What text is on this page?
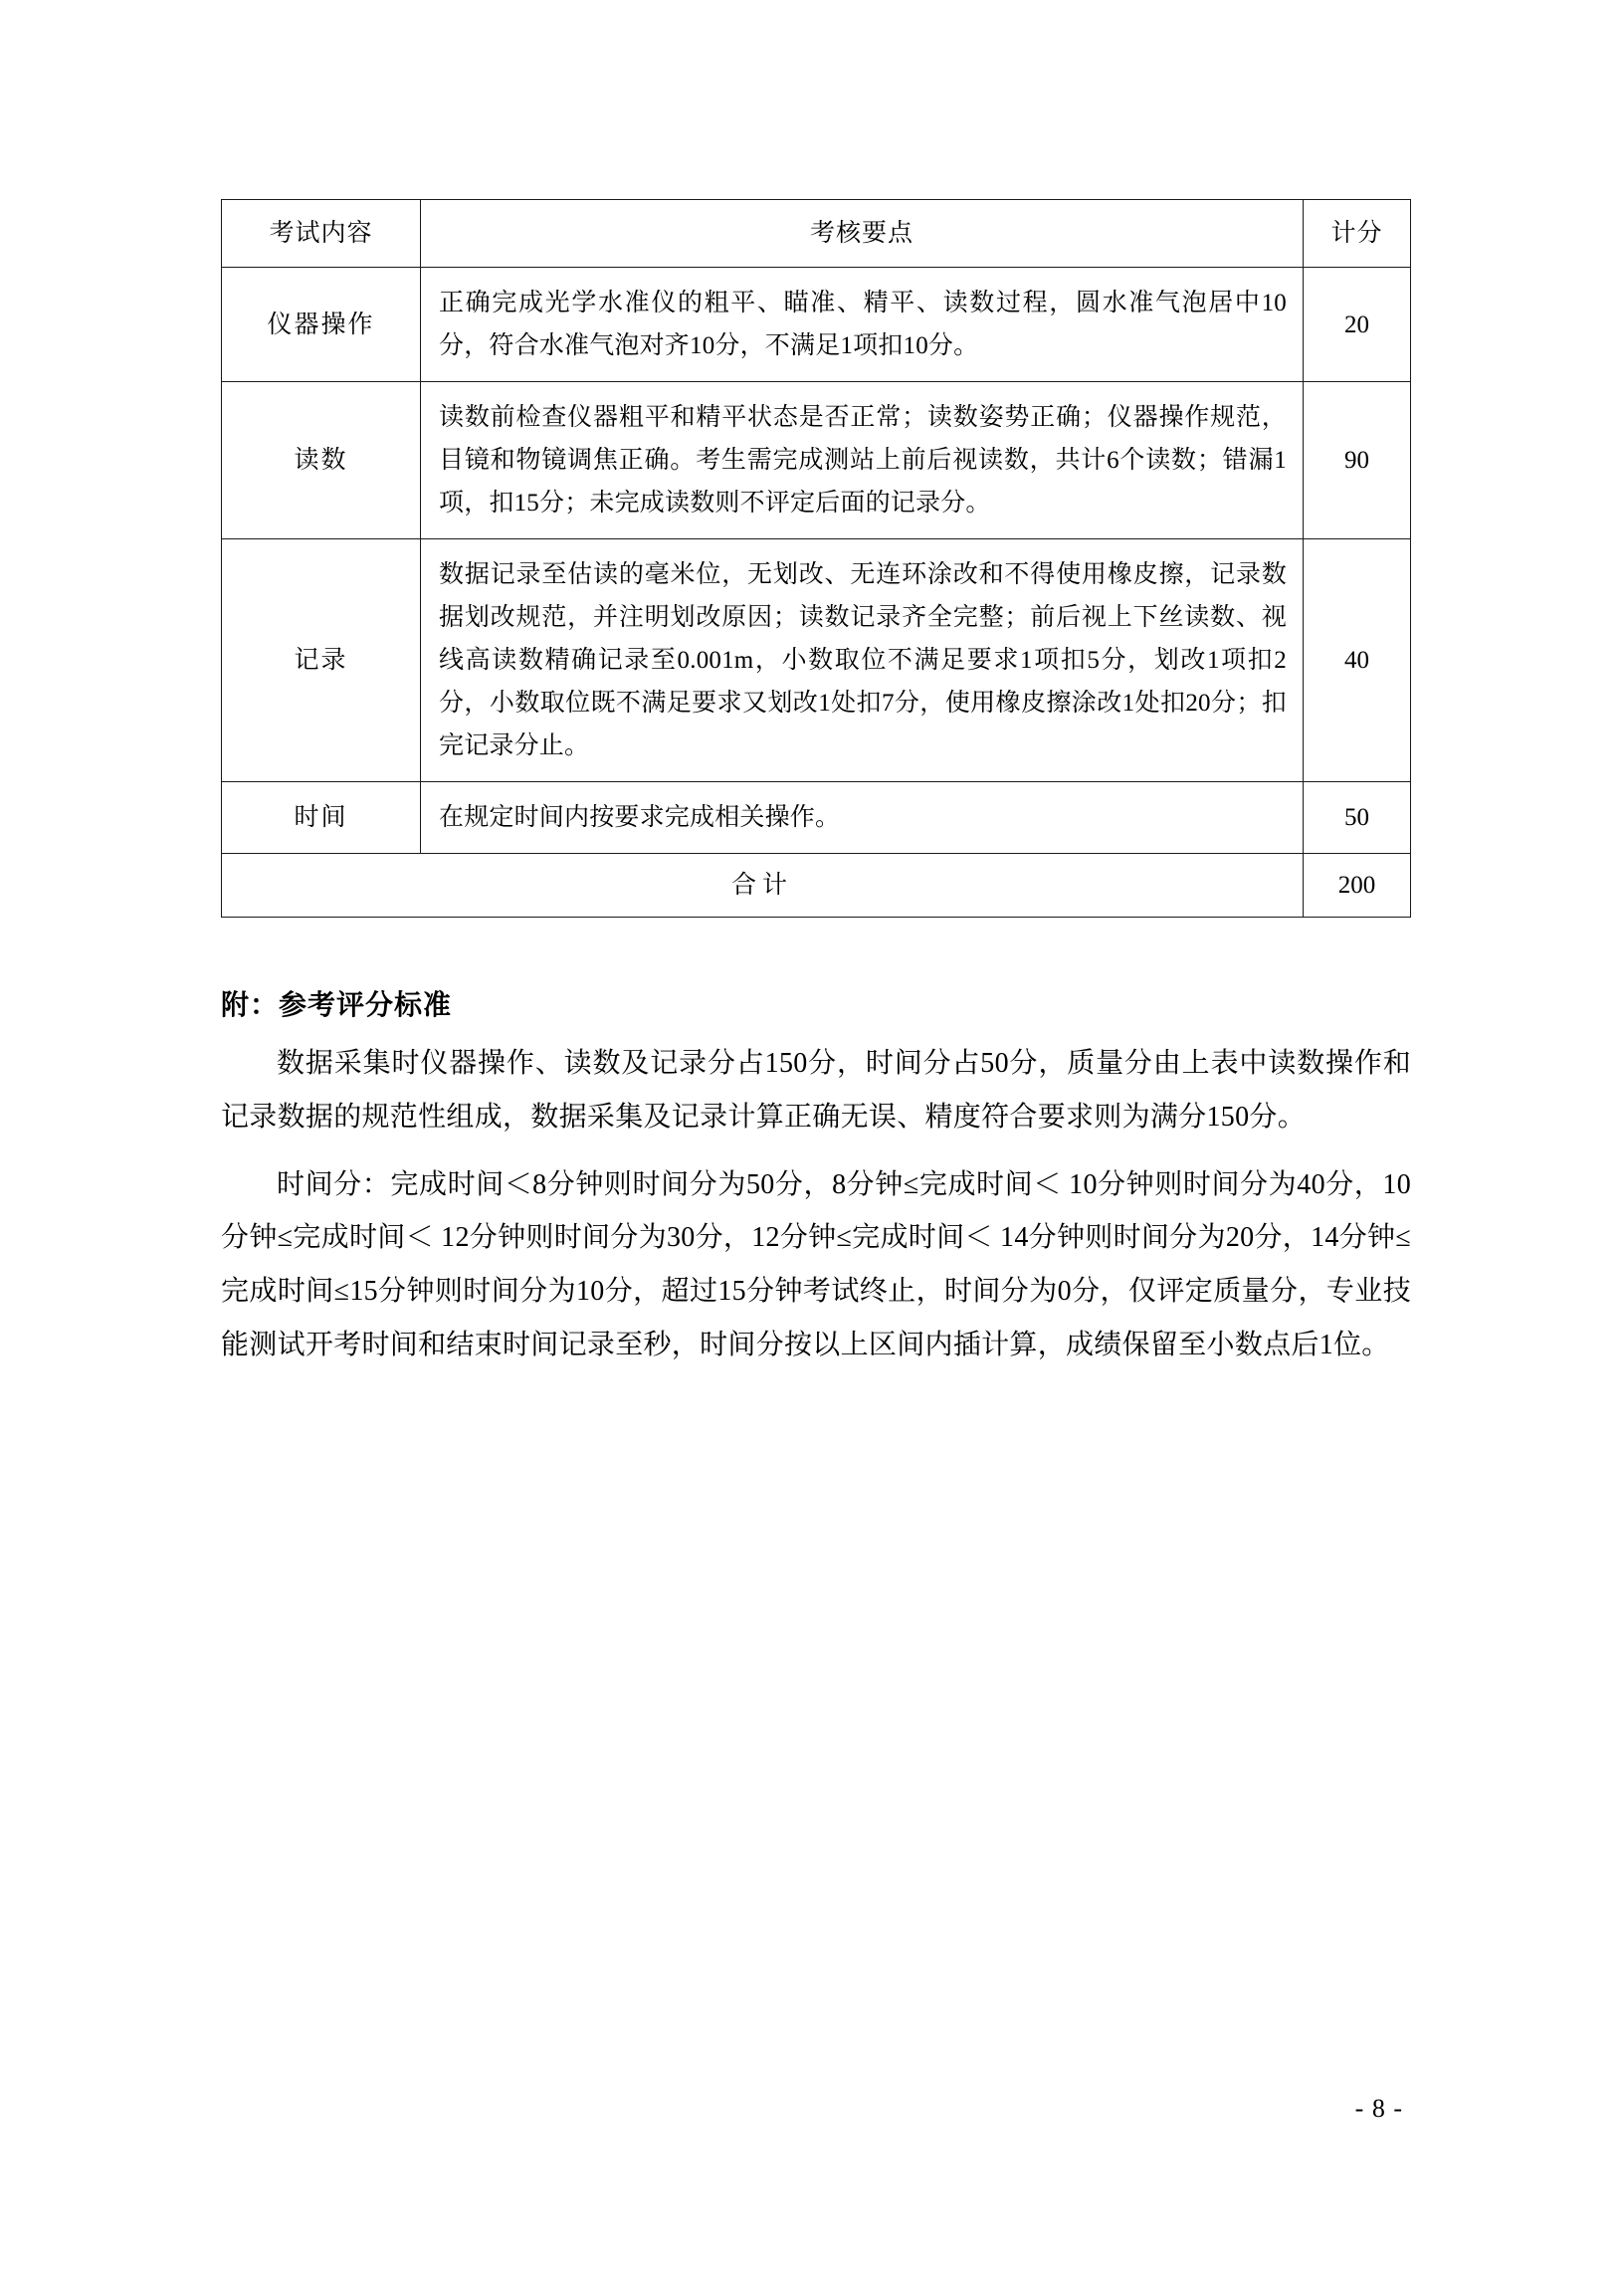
考试内容	考核要点	计分
仪器操作	正确完成光学水准仪的粗平、瞄准、精平、读数过程，圆水准气泡居中10分，符合水准气泡对齐10分，不满足1项扣10分。	20
读数	读数前检查仪器粗平和精平状态是否正常；读数姿势正确；仪器操作规范，目镜和物镜调焦正确。考生需完成测站上前后视读数，共计6个读数；错漏1项，扣15分；未完成读数则不评定后面的记录分。	90
记录	数据记录至估读的毫米位，无划改、无连环涂改和不得使用橡皮擦，记录数据划改规范，并注明划改原因；读数记录齐全完整；前后视上下丝读数、视线高读数精确记录至0.001m，小数取位不满足要求1项扣5分，划改1项扣2分，小数取位既不满足要求又划改1处扣7分，使用橡皮擦涂改1处扣20分；扣完记录分止。	40
时间	在规定时间内按要求完成相关操作。	50
合计		200
附：参考评分标准

数据采集时仪器操作、读数及记录分占150分，时间分占50分，质量分由上表中读数操作和记录数据的规范性组成，数据采集及记录计算正确无误、精度符合要求则为满分150分。

时间分：完成时间＜8分钟则时间分为50分，8分钟≤完成时间＜ 10分钟则时间分为40分，10分钟≤完成时间＜ 12分钟则时间分为30分，12分钟≤完成时间＜ 14分钟则时间分为20分，14分钟≤完成时间≤15分钟则时间分为10分，超过15分钟考试终止，时间分为0分，仅评定质量分，专业技能测试开考时间和结束时间记录至秒，时间分按以上区间内插计算，成绩保留至小数点后1位。

- 8 -
